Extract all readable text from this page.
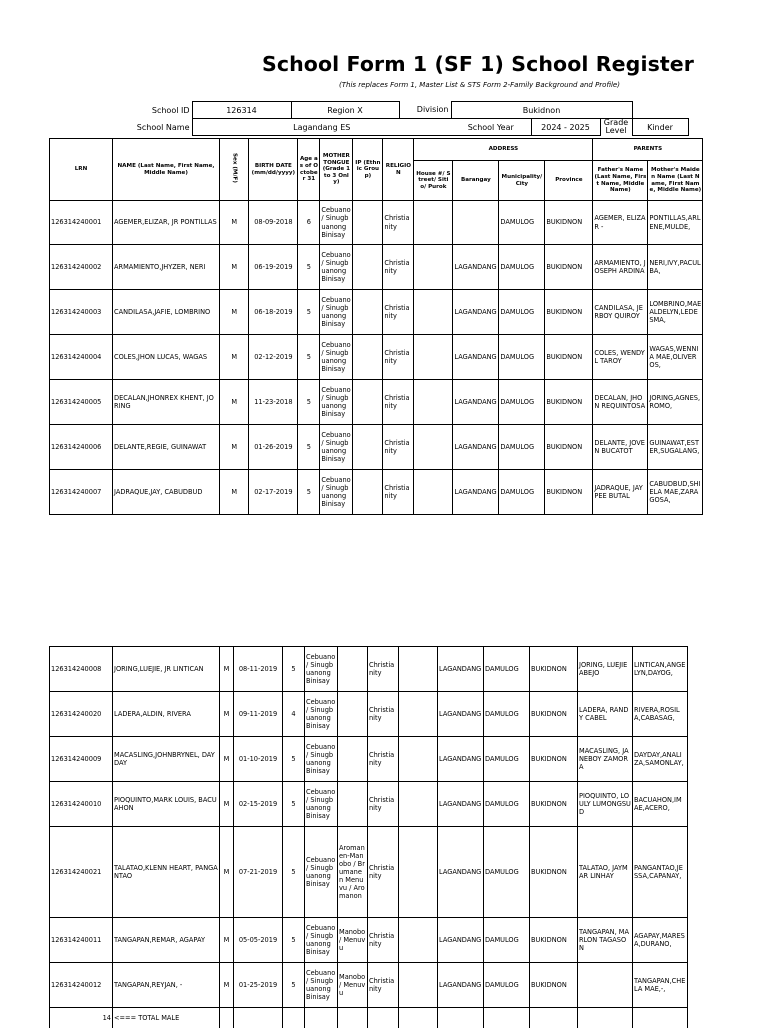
School Form 1 (SF 1) School Register
(This replaces Form 1, Master List & STS Form 2-Family Background and Profile)
School ID	126314	Region X	Division	Bukidnon			
School Name	Lagandang ES			School Year	2024 - 2025	Grade Level	Kinder
LRN	NAME (Last Name, First Name, Middle Name)	Sex (M/F)	BIRTH DATE (mm/dd/yyyy)	Age as of October 31	MOTHER TONGUE (Grade 1 to 3 Only)	IP (Ethnic Group)	RELIGION	ADDRESS				PARENTS	
								House #/ Street/ Sitio/ Purok	Barangay	Municipality/ City	Province	Father's Name (Last Name, First Name, Middle Name)	Mother's Maiden Name (Last Name, First Name, Middle Name)
126314240001	AGEMER,ELIZAR, JR PONTILLAS	M	08-09-2018	6	Cebuano / Sinugbuanong Binisay		Christianity			DAMULOG	BUKIDNON	AGEMER, ELIZAR -	PONTILLAS,ARLENE,MULDE,
126314240002	ARMAMIENTO,JHYZER, NERI	M	06-19-2019	5	Cebuano / Sinugbuanong Binisay		Christianity		LAGANDANG	DAMULOG	BUKIDNON	ARMAMIENTO, JOSEPH ARDINA	NERI,IVY,PACULBA,
126314240003	CANDILASA,JAFIE, LOMBRINO	M	06-18-2019	5	Cebuano / Sinugbuanong Binisay		Christianity		LAGANDANG	DAMULOG	BUKIDNON	CANDILASA, JERBOY QUIROY	LOMBRINO,MAE ALDELYN,LEDESMA,
126314240004	COLES,JHON LUCAS, WAGAS	M	02-12-2019	5	Cebuano / Sinugbuanong Binisay		Christianity		LAGANDANG	DAMULOG	BUKIDNON	COLES, WENDYL TAROY	WAGAS,WENNIA MAE,OLIVEROS,
126314240005	DECALAN,JHONREX KHENT, JORING	M	11-23-2018	5	Cebuano / Sinugbuanong Binisay		Christianity		LAGANDANG	DAMULOG	BUKIDNON	DECALAN, JHON REQUINTOSA	JORING,AGNES,ROMO,
126314240006	DELANTE,REGIE, GUINAWAT	M	01-26-2019	5	Cebuano / Sinugbuanong Binisay		Christianity		LAGANDANG	DAMULOG	BUKIDNON	DELANTE, JOVEN BUCATOT	GUINAWAT,ESTER,SUGALANG,
126314240007	JADRAQUE,JAY, CABUDBUD	M	02-17-2019	5	Cebuano / Sinugbuanong Binisay		Christianity		LAGANDANG	DAMULOG	BUKIDNON	JADRAQUE, JAYPEE BUTAL	CABUDBUD,SHIELA MAE,ZARAGOSA,
126314240008	JORING,LUEJIE, JR LINTICAN	M	08-11-2019	5	Cebuano / Sinugbuanong Binisay		Christianity		LAGANDANG	DAMULOG	BUKIDNON	JORING, LUEJIE ABEJO	LINTICAN,ANGELYN,DAYOG,
126314240020	LADERA,ALDIN, RIVERA	M	09-11-2019	4	Cebuano / Sinugbuanong Binisay		Christianity		LAGANDANG	DAMULOG	BUKIDNON	LADERA, RANDY CABEL	RIVERA,ROSILA,CABASAG,
126314240009	MACASLING,JOHNBRYNEL, DAYDAY	M	01-10-2019	5	Cebuano / Sinugbuanong Binisay		Christianity		LAGANDANG	DAMULOG	BUKIDNON	MACASLING, JANEBOY ZAMORA	DAYDAY,ANALIZA,SAMONLAY,
126314240010	PIOQUINTO,MARK LOUIS, BACUAHON	M	02-15-2019	5	Cebuano / Sinugbuanong Binisay		Christianity		LAGANDANG	DAMULOG	BUKIDNON	PIOQUINTO, LOULY LUMONGSUD	BACUAHON,IMAE,ACERO,
126314240021	TALATAO,KLENN HEART, PANGANTAO	M	07-21-2019	5	Cebuano / Sinugbuanong Binisay	Aromanen-Manobo / Brumanen Menuvu / Aromanon	Christianity		LAGANDANG	DAMULOG	BUKIDNON	TALATAO, JAYMAR LINHAY	PANGANTAO,JESSA,CAPANAY,
126314240011	TANGAPAN,REMAR, AGAPAY	M	05-05-2019	5	Cebuano / Sinugbuanong Binisay	Manobo / Menuvu	Christianity		LAGANDANG	DAMULOG	BUKIDNON	TANGAPAN, MARLON TAGASON	AGAPAY,MARESA,DURANO,
126314240012	TANGAPAN,REYJAN, -	M	01-25-2019	5	Cebuano / Sinugbuanong Binisay	Manobo / Menuvu	Christianity		LAGANDANG	DAMULOG	BUKIDNON		TANGAPAN,CHELA MAE,-,
14	<=== TOTAL MALE												
